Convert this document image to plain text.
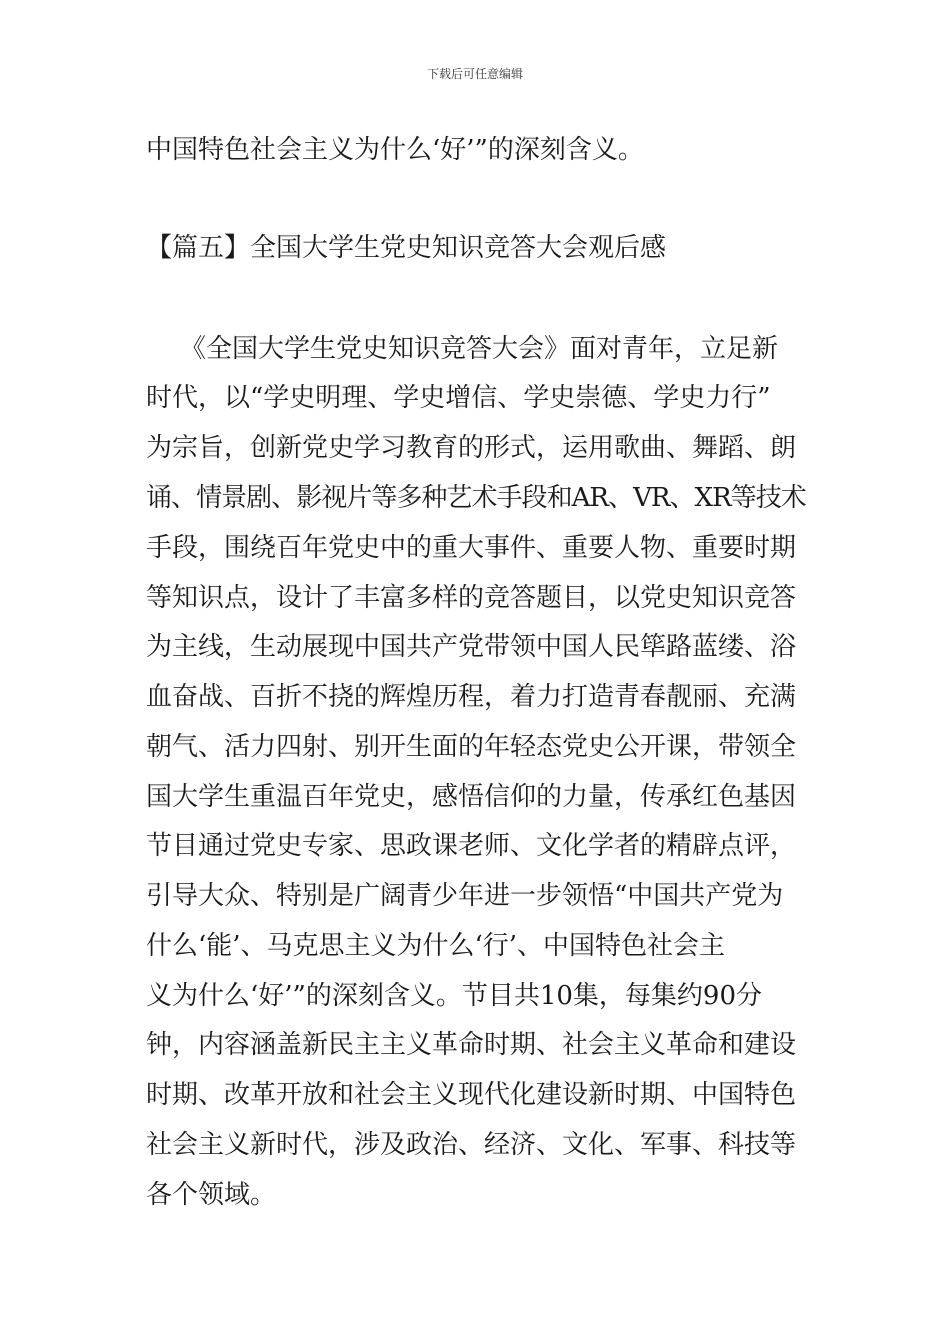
下载后可任意编辑
中国特色社会主义为什么‘好’”的深刻含义。
【篇五】全国大学生党史知识竞答大会观后感
《全国大学生党史知识竞答大会》面对青年，立足新
时代，以“学史明理、学史增信、学史崇德、学史力行”
为宗旨，创新党史学习教育的形式，运用歌曲、舞蹈、朗
诵、情景剧、影视片等多种艺术手段和AR、VR、XR等技术
手段，围绕百年党史中的重大事件、重要人物、重要时期
等知识点，设计了丰富多样的竞答题目，以党史知识竞答
为主线，生动展现中国共产党带领中国人民筚路蓝缕、浴
血奋战、百折不挠的辉煌历程，着力打造青春靓丽、充满
朝气、活力四射、别开生面的年轻态党史公开课，带领全
国大学生重温百年党史，感悟信仰的力量，传承红色基因
节目通过党史专家、思政课老师、文化学者的精辟点评，
引导大众、特别是广阔青少年进一步领悟“中国共产党为
什么‘能’、马克思主义为什么‘行’、中国特色社会主
义为什么‘好’”的深刻含义。节目共10集，每集约90分
钟，内容涵盖新民主主义革命时期、社会主义革命和建设
时期、改革开放和社会主义现代化建设新时期、中国特色
社会主义新时代，涉及政治、经济、文化、军事、科技等
各个领域。
